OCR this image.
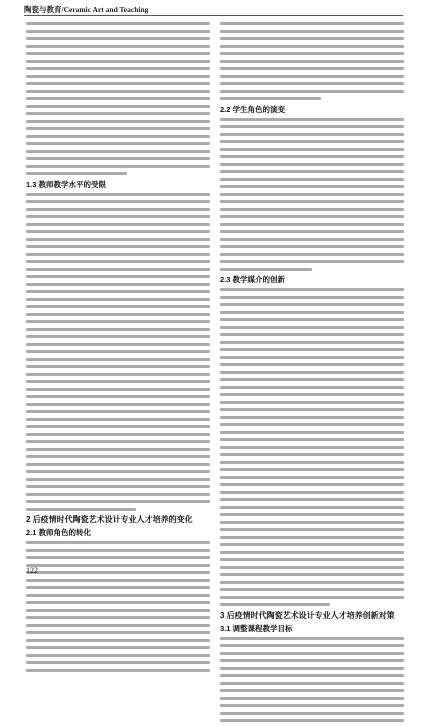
陶瓷与教育/Ceramic Art and Teaching
1.3 教师教学水平的受限
2 后疫情时代陶瓷艺术设计专业人才培养的变化
2.1 教师角色的转化
2.2 学生角色的演变
2.3 教学媒介的创新
3 后疫情时代陶瓷艺术设计专业人才培养创新对策
3.1 调整课程教学目标
122
